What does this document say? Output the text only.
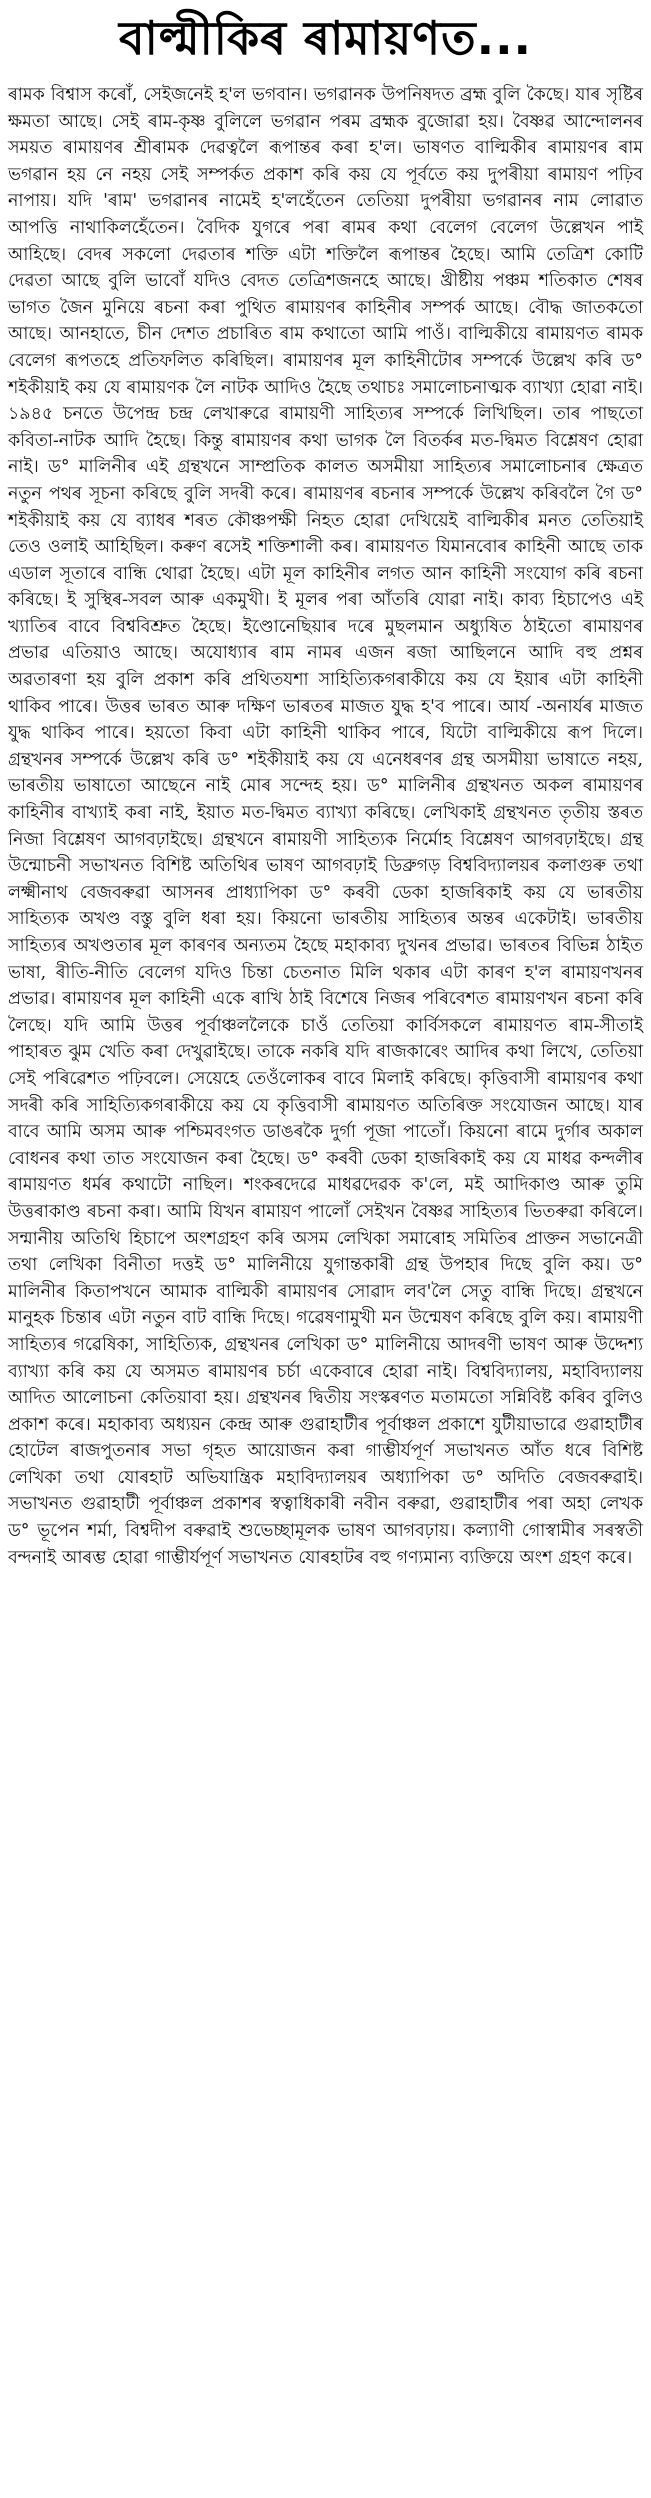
বাল্মীকিৰ ৰামায়ণত...

ৰামক বিশ্বাস কৰোঁ, সেইজনেই হ'ল ভগবান। ভগৱানক উপনিষদত ব্ৰহ্ম বুলি কৈছে। যাৰ সৃষ্টিৰ ক্ষমতা আছে। সেই ৰাম-কৃষ্ণ বুলিলে ভগৱান পৰম ব্ৰহ্মক বুজোৱা হয়। বৈষ্ণৱ আন্দোলনৰ সময়ত ৰামায়ণৰ শ্ৰীৰামক দেৱত্বলৈ ৰূপান্তৰ কৰা হ'ল। ভাষণত বাল্মিকীৰ ৰামায়ণৰ ৰাম ভগৱান হয় নে নহয় সেই সম্পৰ্কত প্ৰকাশ কৰি কয় যে পূৰ্বতে কয় দুপৰীয়া ৰামায়ণ পঢ়িব নাপায়। যদি 'ৰাম' ভগৱানৰ নামেই হ'লহেঁতেন তেতিয়া দুপৰীয়া ভগৱানৰ নাম লোৱাত আপত্তি নাথাকিলহেঁতেন। বৈদিক যুগৰে পৰা ৰামৰ কথা বেলেগ বেলেগ উল্লেখন পাই আহিছে। বেদৰ সকলো দেৱতাৰ শক্তি এটা শক্তিলৈ ৰূপান্তৰ হৈছে। আমি তেত্ৰিশ কোটি দেৱতা আছে বুলি ভাবোঁ যদিও বেদত তেত্ৰিশজনহে আছে। খ্ৰীষ্টীয় পঞ্চম শতিকাত শেষৰ ভাগত জৈন মুনিয়ে ৰচনা কৰা পুথিত ৰামায়ণৰ কাহিনীৰ সম্পৰ্ক আছে। বৌদ্ধ জাতকতো আছে। আনহাতে, চীন দেশত প্ৰচাৰিত ৰাম কথাতো আমি পাওঁ। বাল্মিকীয়ে ৰামায়ণত ৰামক বেলেগ ৰূপতহে প্ৰতিফলিত কৰিছিল। ৰামায়ণৰ মূল কাহিনীটোৰ সম্পৰ্কে উল্লেখ কৰি ড° শইকীয়াই কয় যে ৰামায়ণক লৈ নাটক আদিও হৈছে তথাচঃ সমালোচনাত্মক ব্যাখ্যা হোৱা নাই। ১৯৪৫ চনতে উপেন্দ্ৰ চন্দ্ৰ লেখাৰুৱে ৰামায়ণী সাহিত্যৰ সম্পৰ্কে লিখিছিল। তাৰ পাছতো কবিতা-নাটক আদি হৈছে। কিন্তু ৰামায়ণৰ কথা ভাগক লৈ বিতৰ্কৰ মত-দ্বিমত বিশ্লেষণ হোৱা নাই। ড° মালিনীৰ এই গ্ৰন্থখনে সাম্প্ৰতিক কালত অসমীয়া সাহিত্যৰ সমালোচনাৰ ক্ষেত্ৰত নতুন পথৰ সূচনা কৰিছে বুলি সদৰী কৰে। ৰামায়ণৰ ৰচনাৰ সম্পৰ্কে উল্লেখ কৰিবলৈ গৈ ড° শইকীয়াই কয় যে ব্যাধৰ শৰত কৌঞ্চপক্ষী নিহত হোৱা দেখিয়েই বাল্মিকীৰ মনত তেতিয়াই তেও ওলাই আহিছিল। কৰুণ ৰসেই শক্তিশালী কৰ। ৰামায়ণত যিমানবোৰ কাহিনী আছে তাক এডাল সূতাৰে বান্ধি থোৱা হৈছে। এটা মূল কাহিনীৰ লগত আন কাহিনী সংযোগ কৰি ৰচনা কৰিছে। ই সুস্থিৰ-সবল আৰু একমুখী। ই মূলৰ পৰা আঁতৰি যোৱা নাই। কাব্য হিচাপেও এই খ্যাতিৰ বাবে বিশ্ববিশ্ৰুত হৈছে। ইণ্ডোনেছিয়াৰ দৰে মুছলমান অধ্যুষিত ঠাইতো ৰামায়ণৰ প্ৰভাৱ এতিয়াও আছে। অযোধ্যাৰ ৰাম নামৰ এজন ৰজা আছিলনে আদি বহু প্ৰশ্নৰ অৱতাৰণা হয় বুলি প্ৰকাশ কৰি প্ৰথিতযশা সাহিত্যিকগৰাকীয়ে কয় যে ইয়াৰ এটা কাহিনী থাকিব পাৰে। উত্তৰ ভাৰত আৰু দক্ষিণ ভাৰতৰ মাজত যুদ্ধ হ'ব পাৰে। আৰ্য -অনাৰ্যৰ মাজত যুদ্ধ থাকিব পাৰে। হয়তো কিবা এটা কাহিনী থাকিব পাৰে, যিটো বাল্মিকীয়ে ৰূপ দিলে। গ্ৰন্থখনৰ সম্পৰ্কে উল্লেখ কৰি ড° শইকীয়াই কয় যে এনেধৰণৰ গ্ৰন্থ অসমীয়া ভাষাতে নহয়, ভাৰতীয় ভাষাতো আছেনে নাই মোৰ সন্দেহ হয়। ড° মালিনীৰ গ্ৰন্থখনত অকল ৰামায়ণৰ কাহিনীৰ বাখ্যাই কৰা নাই, ইয়াত মত-দ্বিমত ব্যাখ্যা কৰিছে। লেখিকাই গ্ৰন্থখনত তৃতীয় স্তৰত নিজা বিশ্লেষণ আগবঢ়াইছে। গ্ৰন্থখনে ৰামায়ণী সাহিত্যক নিৰ্মোহ বিশ্লেষণ আগবঢ়াইছে। গ্ৰন্থ উন্মোচনী সভাখনত বিশিষ্ট অতিথিৰ ভাষণ আগবঢ়াই ডিব্ৰুগড় বিশ্ববিদ্যালয়ৰ কলাগুৰু তথা লক্ষ্মীনাথ বেজবৰুৱা আসনৰ প্ৰাধ্যাপিকা ড° কৰবী ডেকা হাজৰিকাই কয় যে ভাৰতীয় সাহিত্যক অখণ্ড বস্তু বুলি ধৰা হয়। কিয়নো ভাৰতীয় সাহিত্যৰ অন্তৰ একেটাই। ভাৰতীয় সাহিত্যৰ অখণ্ডতাৰ মূল কাৰণৰ অন্যতম হৈছে মহাকাব্য দুখনৰ প্ৰভাৱ। ভাৰতৰ বিভিন্ন ঠাইত ভাষা, ৰীতি-নীতি বেলেগ যদিও চিন্তা চেতনাত মিলি থকাৰ এটা কাৰণ হ'ল ৰামায়ণখনৰ প্ৰভাৱ। ৰামায়ণৰ মূল কাহিনী একে ৰাখি ঠাই বিশেষে নিজৰ পৰিবেশত ৰামায়ণখন ৰচনা কৰি লৈছে। যদি আমি উত্তৰ পূৰ্বাঞ্চললৈকে চাওঁ তেতিয়া কাৰ্বিসকলে ৰামায়ণত ৰাম-সীতাই পাহাৰত ঝুম খেতি কৰা দেখুৱাইছে। তাকে নকৰি যদি ৰাজকাৰেং আদিৰ কথা লিখে, তেতিয়া সেই পৰিৱেশত পঢ়িবলে। সেয়েহে তেওঁলোকৰ বাবে মিলাই কৰিছে। কৃত্তিবাসী ৰামায়ণৰ কথা সদৰী কৰি সাহিত্যিকগৰাকীয়ে কয় যে কৃত্তিবাসী ৰামায়ণত অতিৰিক্ত সংযোজন আছে। যাৰ বাবে আমি অসম আৰু পশ্চিমবংগত ডাঙৰকৈ দুৰ্গা পূজা পাতোঁ। কিয়নো ৰামে দুৰ্গাৰ অকাল বোধনৰ কথা তাত সংযোজন কৰা হৈছে। ড° কৰবী ডেকা হাজৰিকাই কয় যে মাধৱ কন্দলীৰ ৰামায়ণত ধৰ্মৰ কথাটো নাছিল। শংকৰদেৱে মাধৱদেৱক ক'লে, মই আদিকাণ্ড আৰু তুমি উত্তৰাকাণ্ড ৰচনা কৰা। আমি যিখন ৰামায়ণ পালোঁ সেইখন বৈষ্ণৱ সাহিত্যৰ ভিতৰুৱা কৰিলে। সন্মানীয় অতিথি হিচাপে অংশগ্ৰহণ কৰি অসম লেখিকা সমাৰোহ সমিতিৰ প্ৰাক্তন সভানেত্ৰী তথা লেখিকা বিনীতা দত্তই ড° মালিনীয়ে যুগান্তকাৰী গ্ৰন্থ উপহাৰ দিছে বুলি কয়। ড° মালিনীৰ কিতাপখনে আমাক বাল্মিকী ৰামায়ণৰ সোৱাদ লব'লৈ সেতু বান্ধি দিছে। গ্ৰন্থখনে মানুহক চিন্তাৰ এটা নতুন বাট বান্ধি দিছে। গৱেষণামুখী মন উন্মেষণ কৰিছে বুলি কয়। ৰামায়ণী সাহিত্যৰ গৱেষিকা, সাহিত্যিক, গ্ৰন্থখনৰ লেখিকা ড° মালিনীয়ে আদৰণী ভাষণ আৰু উদ্দেশ্য ব্যাখ্যা কৰি কয় যে অসমত ৰামায়ণৰ চৰ্চা একেবাৰে হোৱা নাই। বিশ্ববিদ্যালয়, মহাবিদ্যালয় আদিত আলোচনা কেতিয়াবা হয়। গ্ৰন্থখনৰ দ্বিতীয় সংস্কৰণত মতামতো সন্নিবিষ্ট কৰিব বুলিও প্ৰকাশ কৰে। মহাকাব্য অধ্যয়ন কেন্দ্ৰ আৰু গুৱাহাটীৰ পূৰ্বাঞ্চল প্ৰকাশে যুটীয়াভাৱে গুৱাহাটীৰ হোটেল ৰাজপুতনাৰ সভা গৃহত আয়োজন কৰা গাম্ভীৰ্যপূৰ্ণ সভাখনত আঁত ধৰে বিশিষ্ট লেখিকা তথা যোৰহাট অভিযান্ত্ৰিক মহাবিদ্যালয়ৰ অধ্যাপিকা ড° অদিতি বেজবৰুৱাই। সভাখনত গুৱাহাটী পূৰ্বাঞ্চল প্ৰকাশৰ স্বত্বাধিকাৰী নবীন বৰুৱা, গুৱাহাটীৰ পৰা অহা লেখক ড° ভূপেন শৰ্মা, বিশ্বদীপ বৰুৱাই শুভেচ্ছামূলক ভাষণ আগবঢ়ায়। কল্যাণী গোস্বামীৰ সৰস্বতী বন্দনাই আৰম্ভ হোৱা গাম্ভীৰ্যপূৰ্ণ সভাখনত যোৰহাটৰ বহু গণ্যমান্য ব্যক্তিয়ে অংশ গ্ৰহণ কৰে।
